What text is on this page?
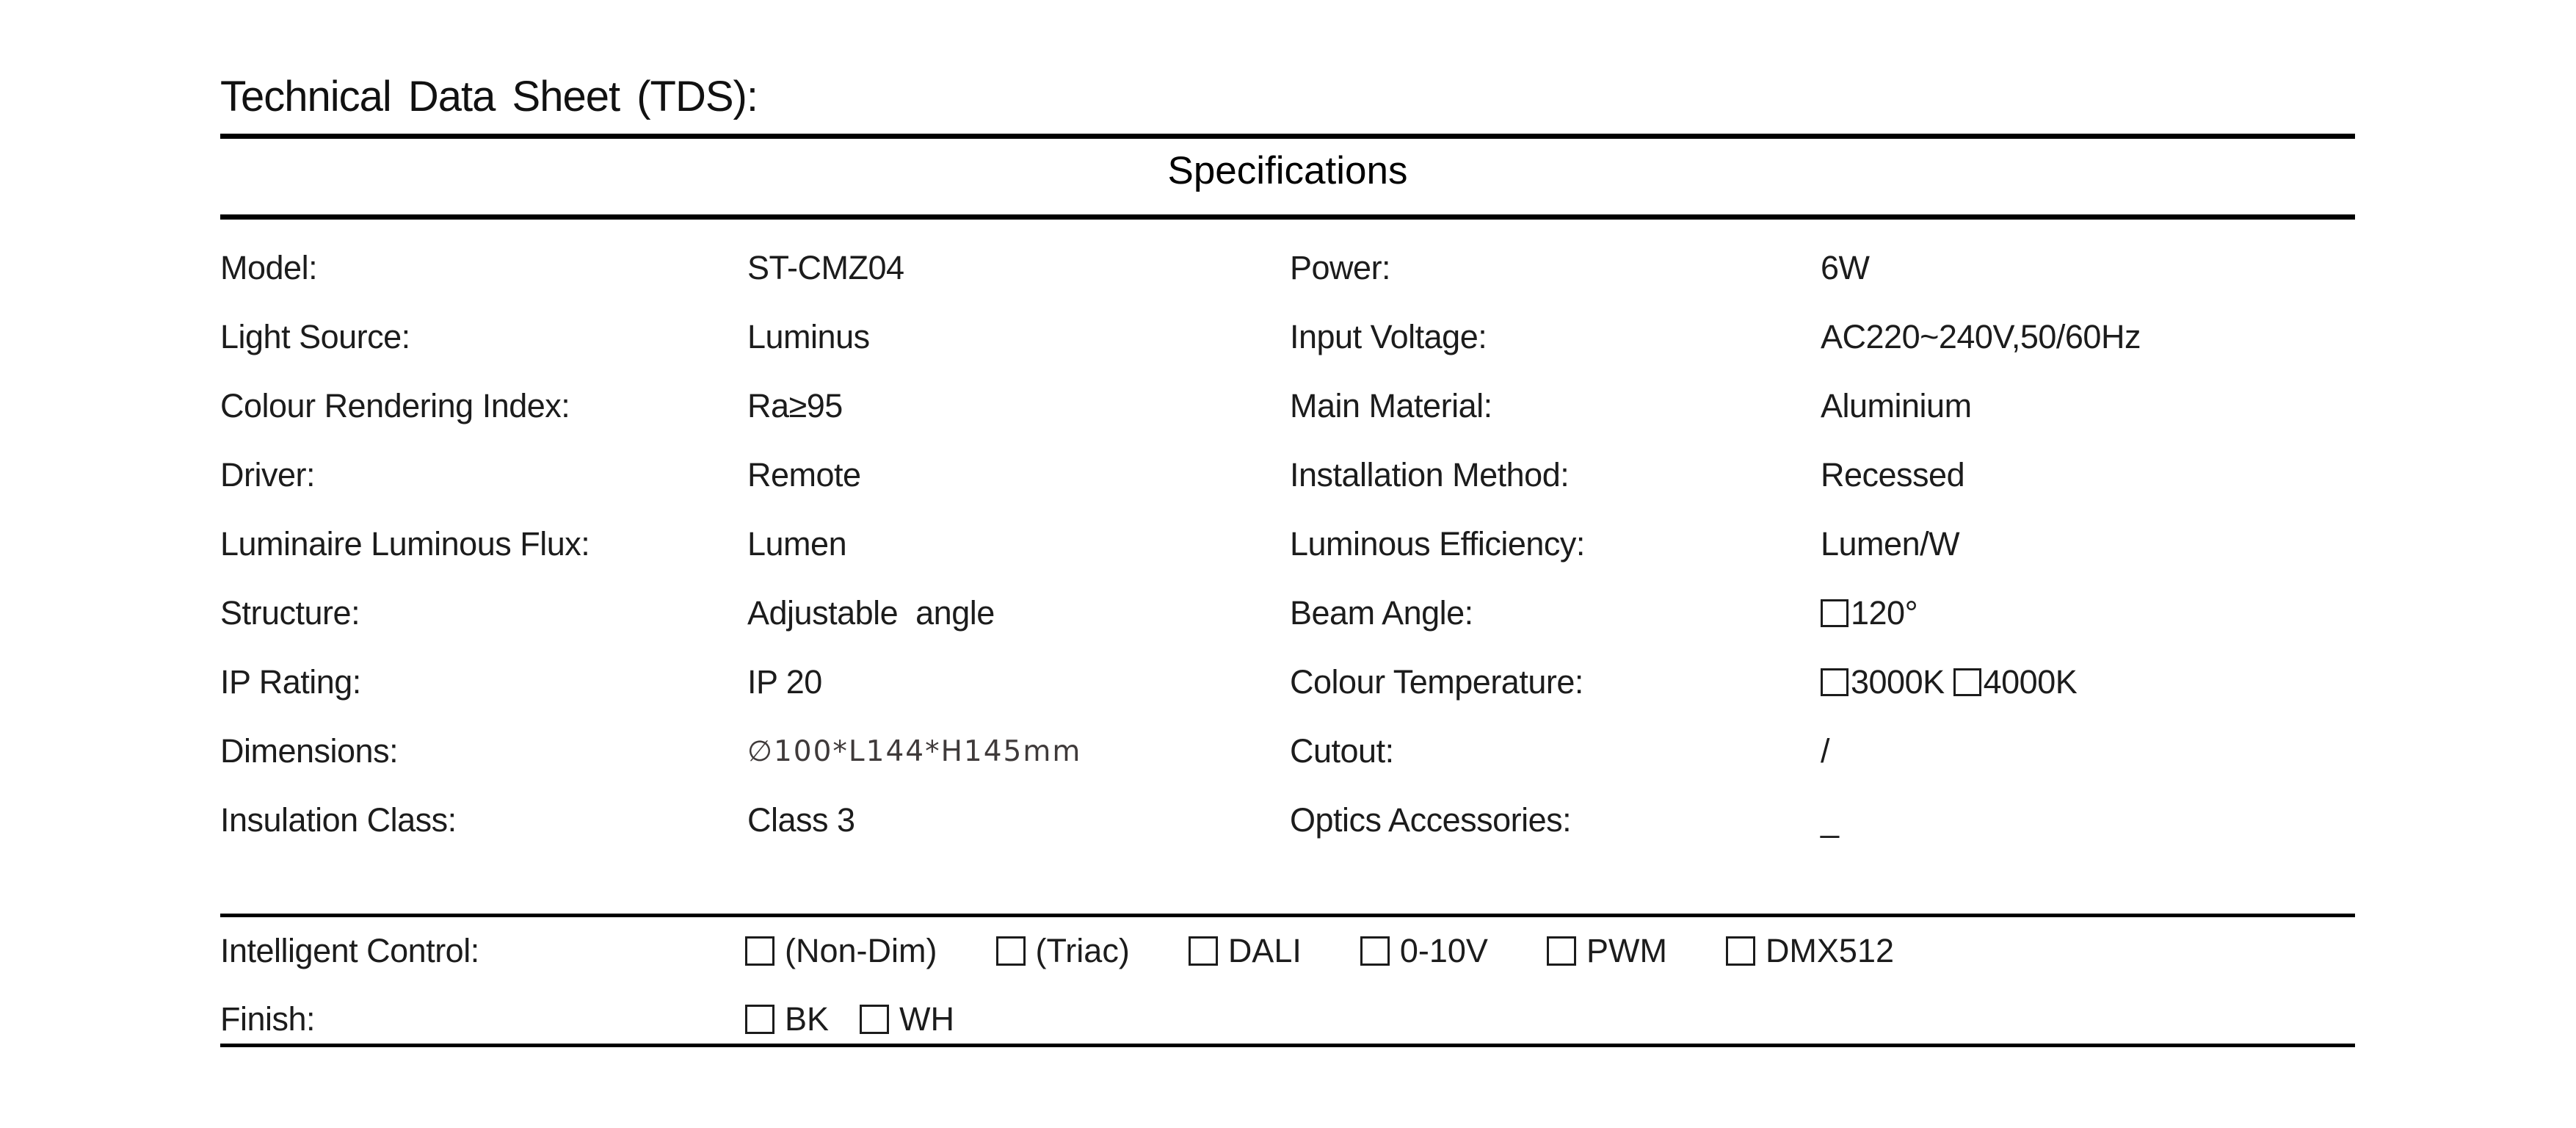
Technical Data Sheet (TDS):
Specifications
Model:	ST-CMZ04	Power:	6W
Light Source:	Luminus	Input Voltage:	AC220~240V,50/60Hz
Colour Rendering Index:	Ra≥95	Main Material:	Aluminium
Driver:	Remote	Installation Method:	Recessed
Luminaire Luminous Flux:	Lumen	Luminous Efficiency:	Lumen/W
Structure:	Adjustable  angle	Beam Angle:	120°
IP Rating:	IP 20	Colour Temperature:	3000K 4000K
Dimensions:	∅100*L144*H145mm	Cutout:	/
Insulation Class:	Class 3	Optics Accessories:	_
Intelligent Control:	(Non-Dim)	(Triac)	DALI	0-10V	PWM	DMX512
Finish:	BK WH
